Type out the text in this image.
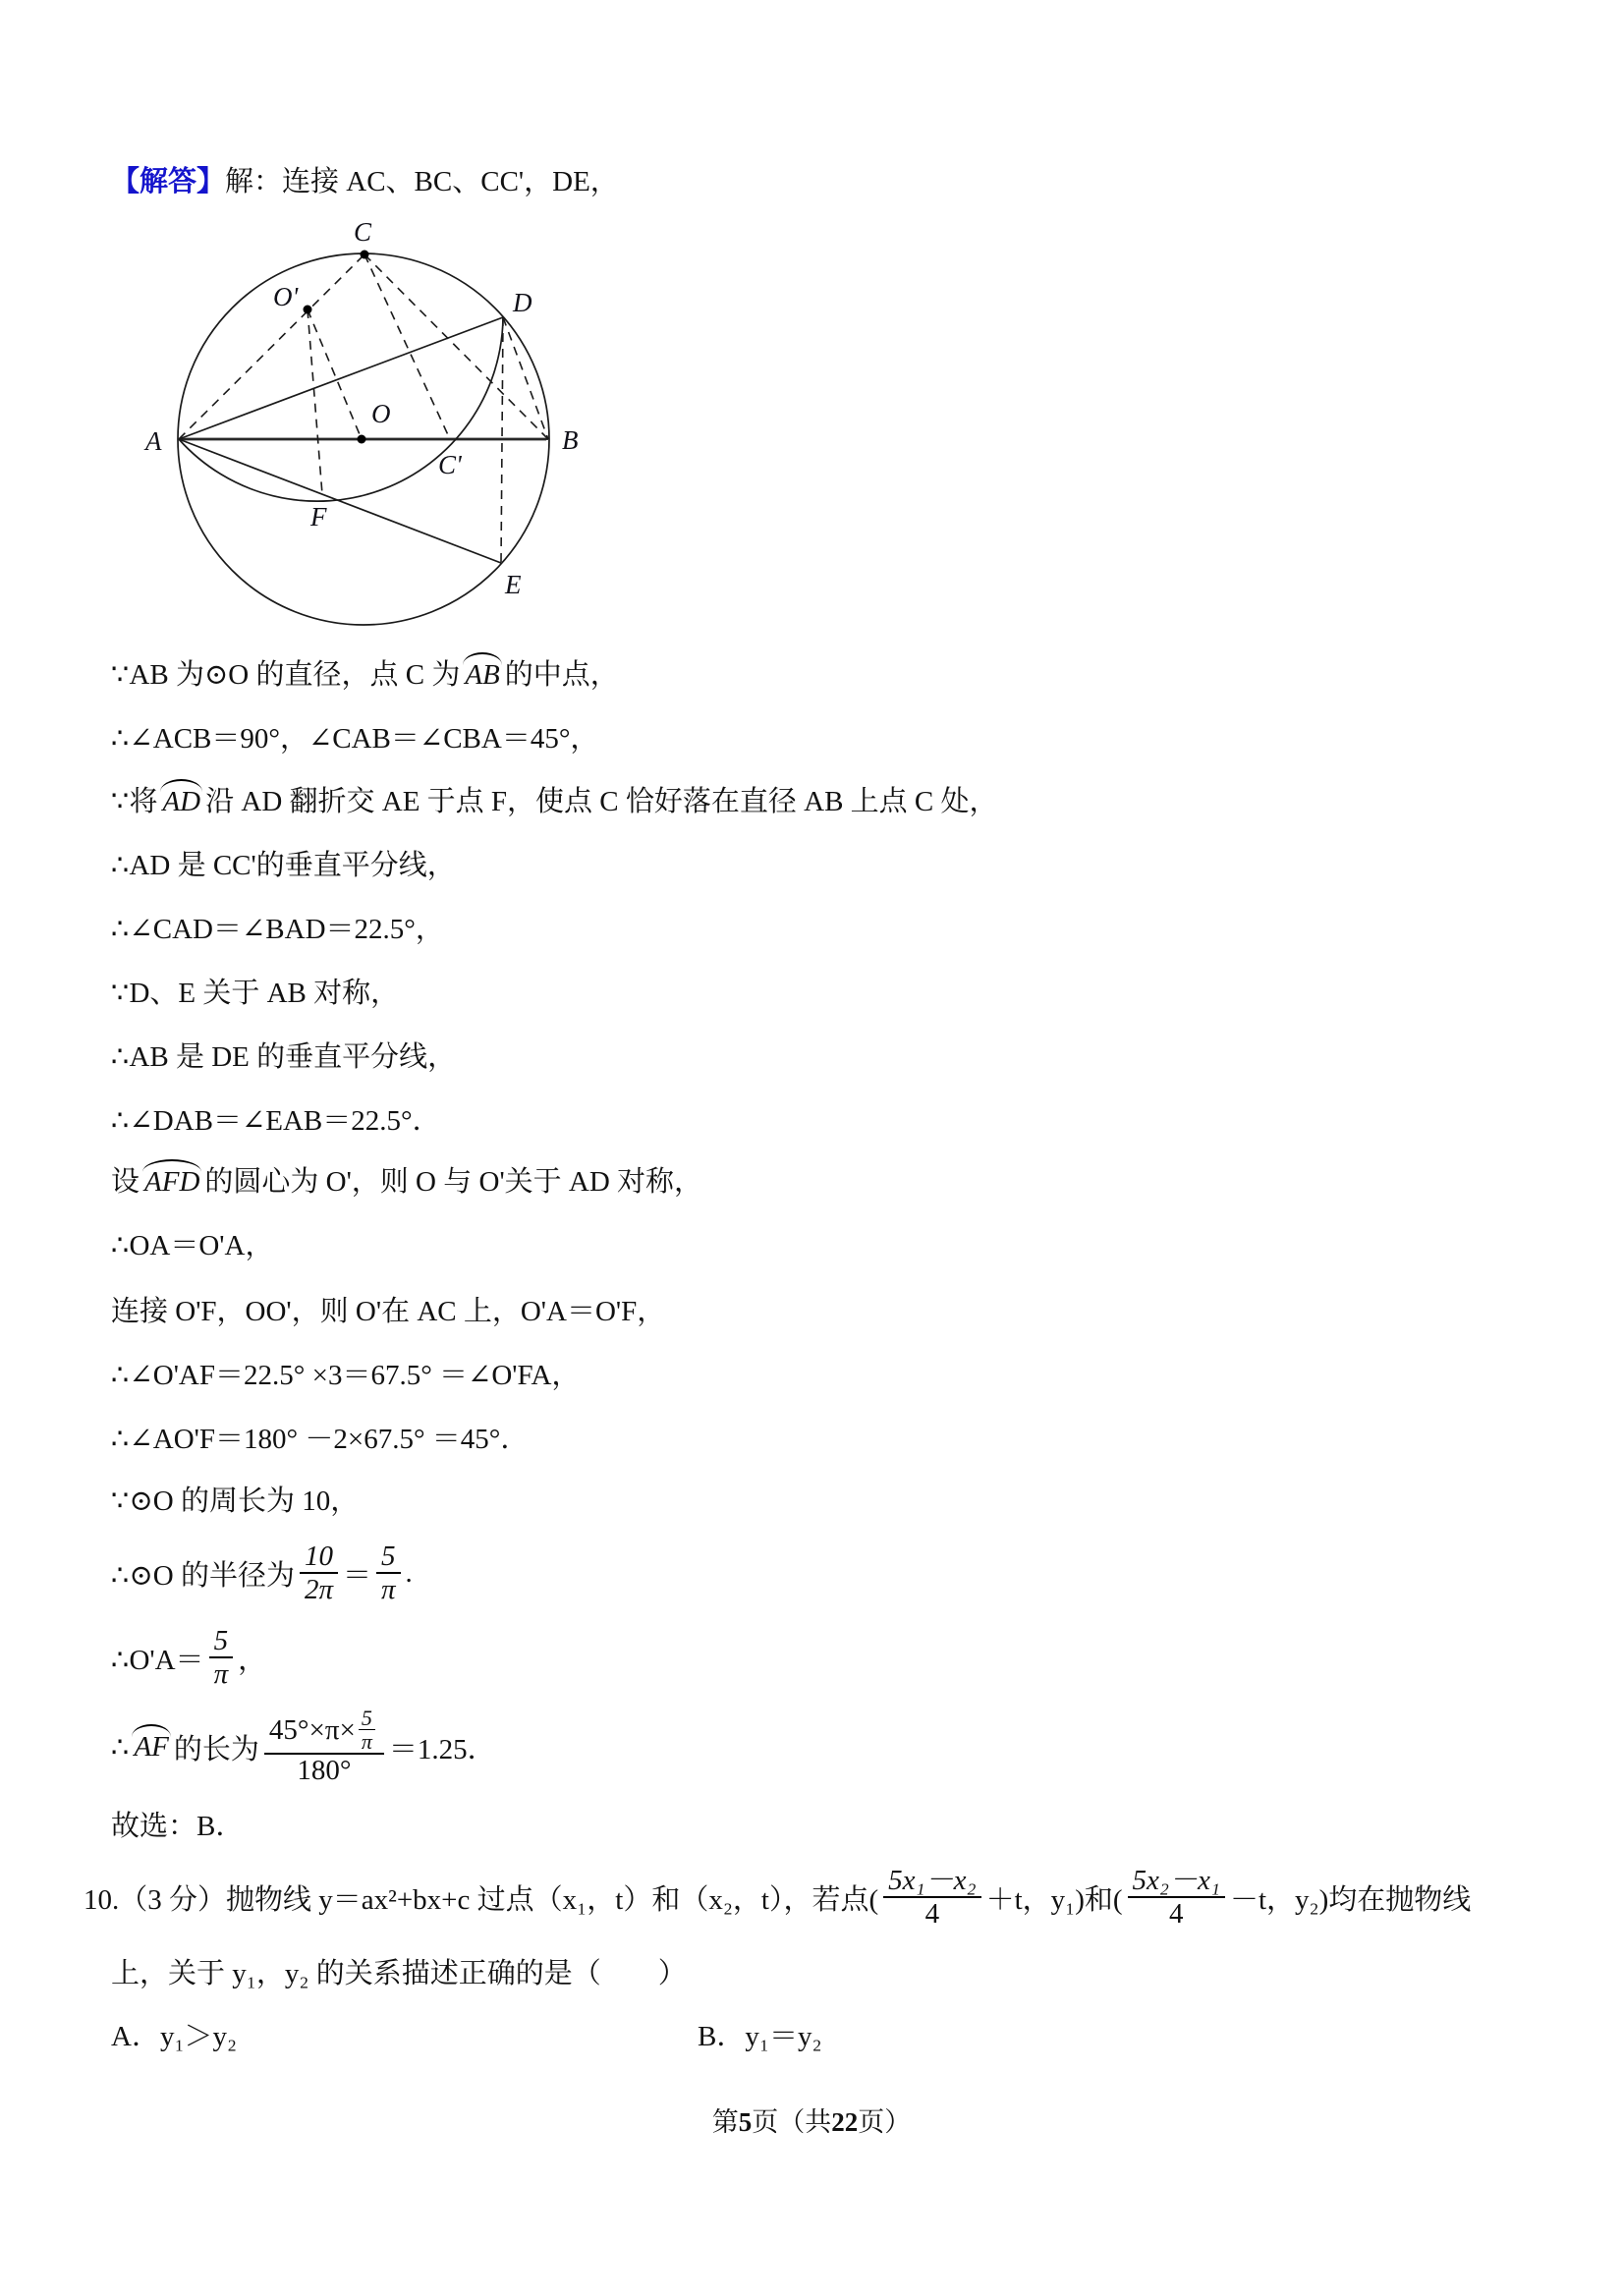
【解答】解：连接 AC、BC、CC'，DE，
C
O'	D
A
O
B
C'
F
E
∵AB 为⊙O 的直径，点 C 为 AB 的中点，
∴∠ACB＝90°，∠CAB＝∠CBA＝45°，
∵将 AD 沿 AD 翻折交 AE 于点 F，使点 C 恰好落在直径 AB 上点 C 处，
∴AD 是 CC'的垂直平分线，
∴∠CAD＝∠BAD＝22.5°，
∵D、E 关于 AB 对称，
∴AB 是 DE 的垂直平分线，
∴∠DAB＝∠EAB＝22.5°．
设 AFD 的圆心为 O'，则 O 与 O'关于 AD 对称，
∴OA＝O'A，
连接 O'F，OO'，则 O'在 AC 上，O'A＝O'F，
∴∠O'AF＝22.5° ×3＝67.5° ＝∠O'FA，
∴∠AO'F＝180° －2×67.5° ＝45°．
∵⊙O 的周长为 10，
∴⊙O 的半径为 $\frac{10}{2\pi} = \frac{5}{\pi}$ .
∴O'A＝ $\frac{5}{\pi}$ ，
∴ AF 的长为 $\frac{45^\circ\times\pi\times \frac{5}{\pi}}{180^\circ} =1.25$．
故选：B．
10.（3 分）抛物线 y＝ax²+bx+c 过点（x₁，t）和（x₂，t），若点( $\frac{\text{5x₁－x₂}}{4} +t$，y₁)和( $\frac{\text{5x₂－x₁}}{4} -t$，y₂)均在抛物线
上，关于 y₁，y₂ 的关系描述正确的是（　　）
A．y₁＞y₂	B．y₁＝y₂
第5页（共22页）
